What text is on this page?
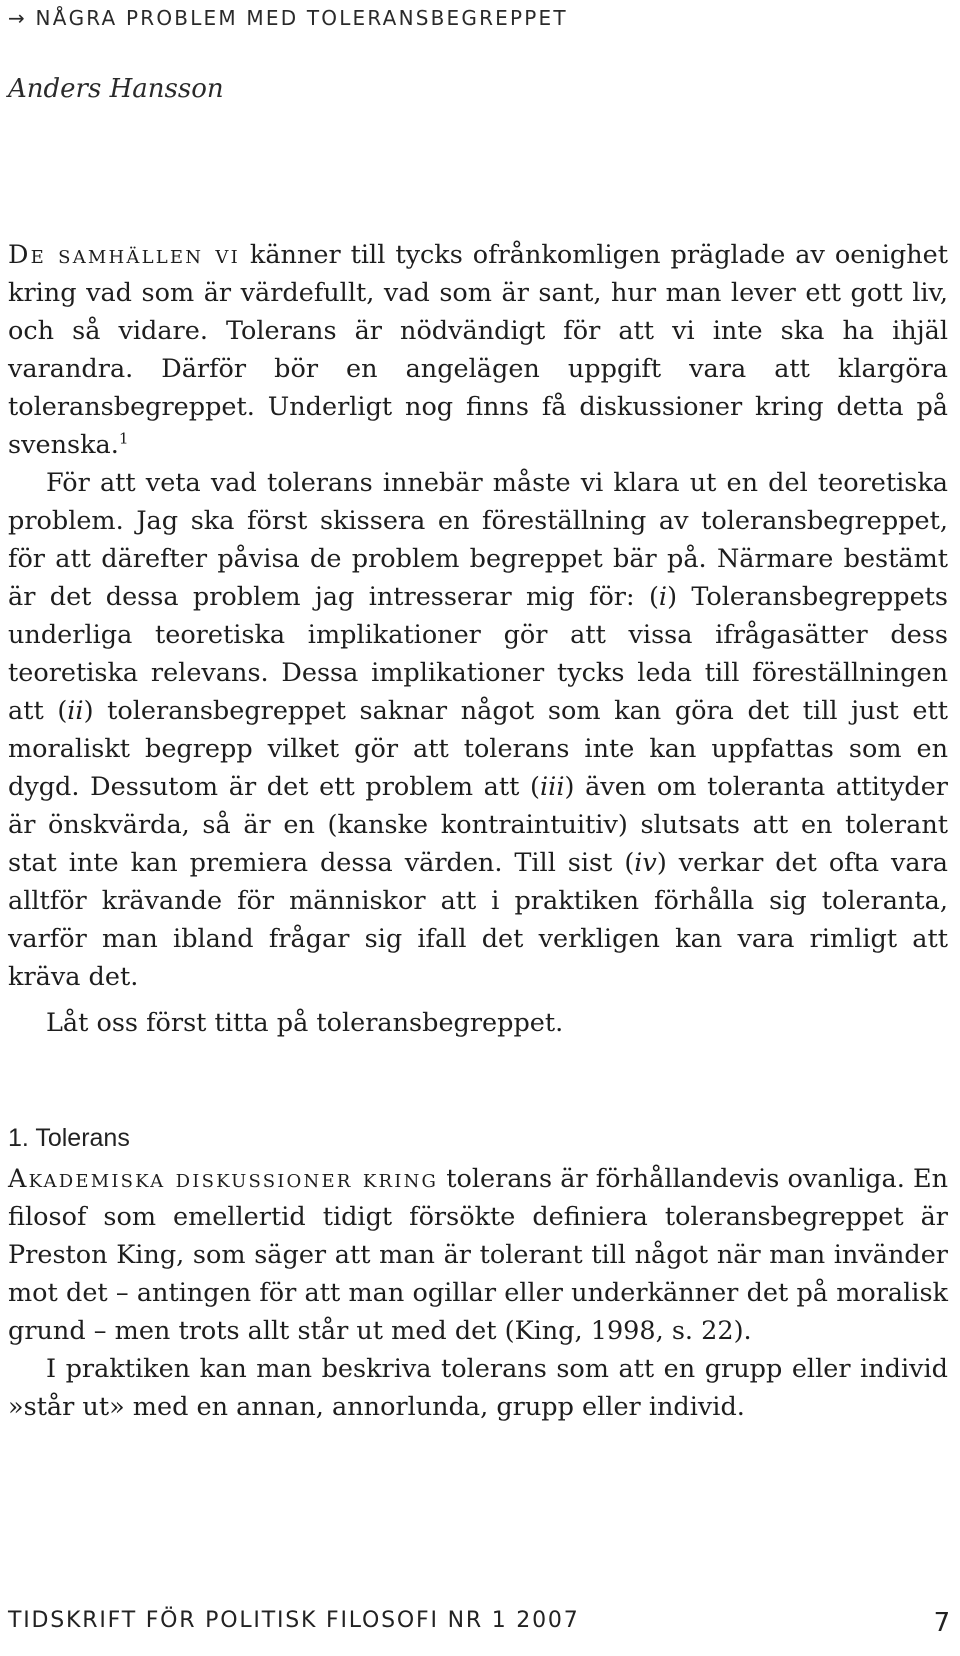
→ NÅGRA PROBLEM MED TOLERANSBEGREPPET
Anders Hansson

De samhällen vi känner till tycks ofrånkomligen präglade av oenighet kring vad som är värdefullt, vad som är sant, hur man lever ett gott liv, och så vidare. Tolerans är nödvändigt för att vi inte ska ha ihjäl varandra. Därför bör en angelägen uppgift vara att klargöra toleransbegreppet. Underligt nog finns få diskussioner kring detta på svenska.$^1$

För att veta vad tolerans innebär måste vi klara ut en del teoretiska problem. Jag ska först skissera en föreställning av toleransbegreppet, för att därefter påvisa de problem begreppet bär på. Närmare bestämt är det dessa problem jag intresserar mig för: (i) Toleransbegreppets underliga teoretiska implikationer gör att vissa ifrågasätter dess teoretiska relevans. Dessa implikationer tycks leda till föreställningen att (ii) toleransbegreppet saknar något som kan göra det till just ett moraliskt begrepp vilket gör att tolerans inte kan uppfattas som en dygd. Dessutom är det ett problem att (iii) även om toleranta attityder är önskvärda, så är en (kanske kontraintuitiv) slutsats att en tolerant stat inte kan premiera dessa värden. Till sist (iv) verkar det ofta vara alltför krävande för människor att i praktiken förhålla sig toleranta, varför man ibland frågar sig ifall det verkligen kan vara rimligt att kräva det.

Låt oss först titta på toleransbegreppet.

1. Tolerans

Akademiska diskussioner kring tolerans är förhållandevis ovanliga. En filosof som emellertid tidigt försökte definiera toleransbegreppet är Preston King, som säger att man är tolerant till något när man invänder mot det – antingen för att man ogillar eller underkänner det på moralisk grund – men trots allt står ut med det (King, 1998, s. 22).

I praktiken kan man beskriva tolerans som att en grupp eller individ »står ut» med en annan, annorlunda, grupp eller individ.

TIDSKRIFT FÖR POLITISK FILOSOFI NR 1 2007	7
